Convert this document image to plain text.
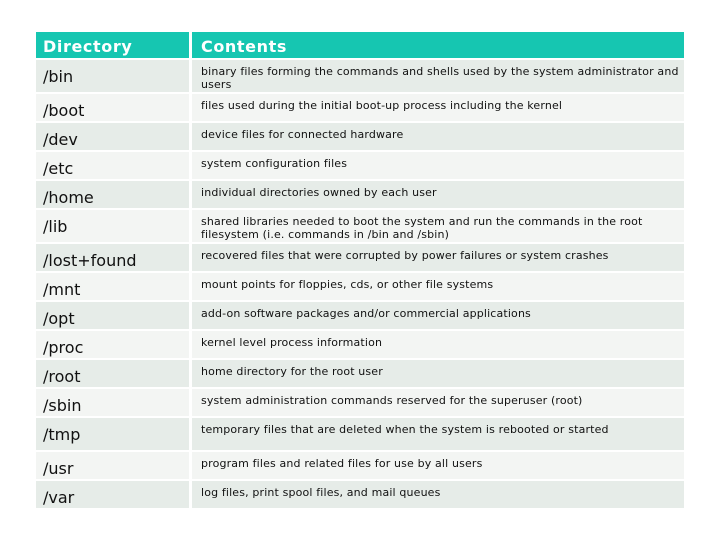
Directory	Contents
/bin	binary files forming the commands and shells used by the system administrator and users
/boot	files used during the initial boot-up process including the kernel
/dev	device files for connected hardware
/etc	system configuration files
/home	individual directories owned by each user
/lib	shared libraries needed to boot the system and run the commands in the root filesystem (i.e. commands in /bin and /sbin)
/lost+found	recovered files that were corrupted by power failures or system crashes
/mnt	mount points for floppies, cds, or other file systems
/opt	add-on software packages and/or commercial applications
/proc	kernel level process information
/root	home directory for the root user
/sbin	system administration commands reserved for the superuser (root)
/tmp	temporary files that are deleted when the system is rebooted or started
/usr	program files and related files for use by all users
/var	log files, print spool files, and mail queues
